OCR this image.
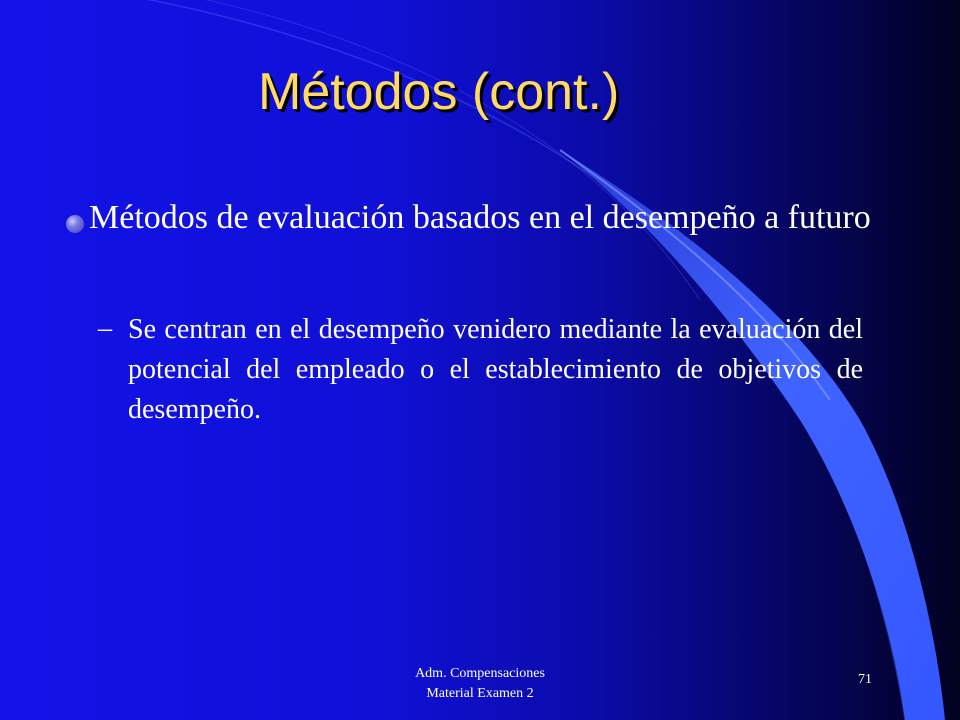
Métodos (cont.)
Métodos de evaluación basados en el desempeño a futuro
– Se centran en el desempeño venidero mediante la evaluación del potencial del empleado o el establecimiento de objetivos de desempeño.
Adm. Compensaciones
Material Examen 2
71
